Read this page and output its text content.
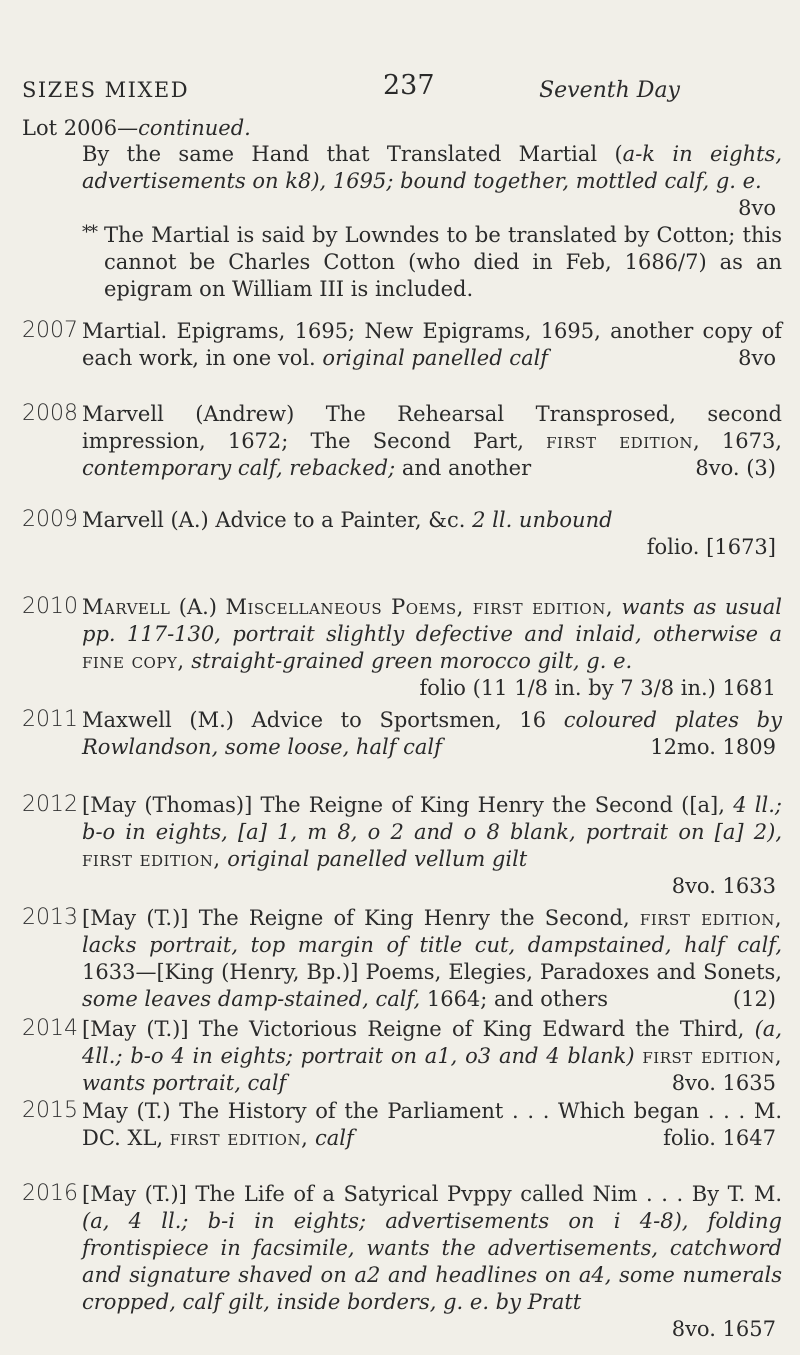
SIZES MIXED	237	Seventh Day
Lot 2006—continued.
By the same Hand that Translated Martial (a-k in eights, advertisements on k8), 1695; bound together, mottled calf, g. e.
8vo
** The Martial is said by Lowndes to be translated by Cotton; this cannot be Charles Cotton (who died in Feb, 1686/7) as an epigram on William III is included.
2007 Martial. Epigrams, 1695; New Epigrams, 1695, another copy of each work, in one vol. original panelled calf	8vo
2008 Marvell (Andrew) The Rehearsal Transprosed, second impression, 1672; The Second Part, first edition, 1673, contemporary calf, rebacked; and another	8vo. (3)
2009 Marvell (A.) Advice to a Painter, &c. 2 ll. unbound
folio. [1673]
2010 Marvell (A.) Miscellaneous Poems, first edition, wants as usual pp. 117-130, portrait slightly defective and inlaid, otherwise a fine copy, straight-grained green morocco gilt, g. e.
folio (11 1/8 in. by 7 3/8 in.) 1681
2011 Maxwell (M.) Advice to Sportsmen, 16 coloured plates by Rowlandson, some loose, half calf	12mo. 1809
2012 [May (Thomas)] The Reigne of King Henry the Second ([a], 4 ll.; b-o in eights, [a] 1, m 8, o 2 and o 8 blank, portrait on [a] 2), first edition, original panelled vellum gilt
8vo. 1633
2013 [May (T.)] The Reigne of King Henry the Second, first edition, lacks portrait, top margin of title cut, dampstained, half calf, 1633—[King (Henry, Bp.)] Poems, Elegies, Paradoxes and Sonets, some leaves damp-stained, calf, 1664; and others	(12)
2014 [May (T.)] The Victorious Reigne of King Edward the Third, (a, 4ll.; b-o 4 in eights; portrait on a1, o3 and 4 blank) first edition, wants portrait, calf	8vo. 1635
2015 May (T.) The History of the Parliament . . . Which began . . . M. DC. XL, first edition, calf	folio. 1647
2016 [May (T.)] The Life of a Satyrical Pvppy called Nim . . . By T. M. (a, 4 ll.; b-i in eights; advertisements on i 4-8), folding frontispiece in facsimile, wants the advertisements, catchword and signature shaved on a2 and headlines on a4, some numerals cropped, calf gilt, inside borders, g. e. by Pratt
8vo. 1657
